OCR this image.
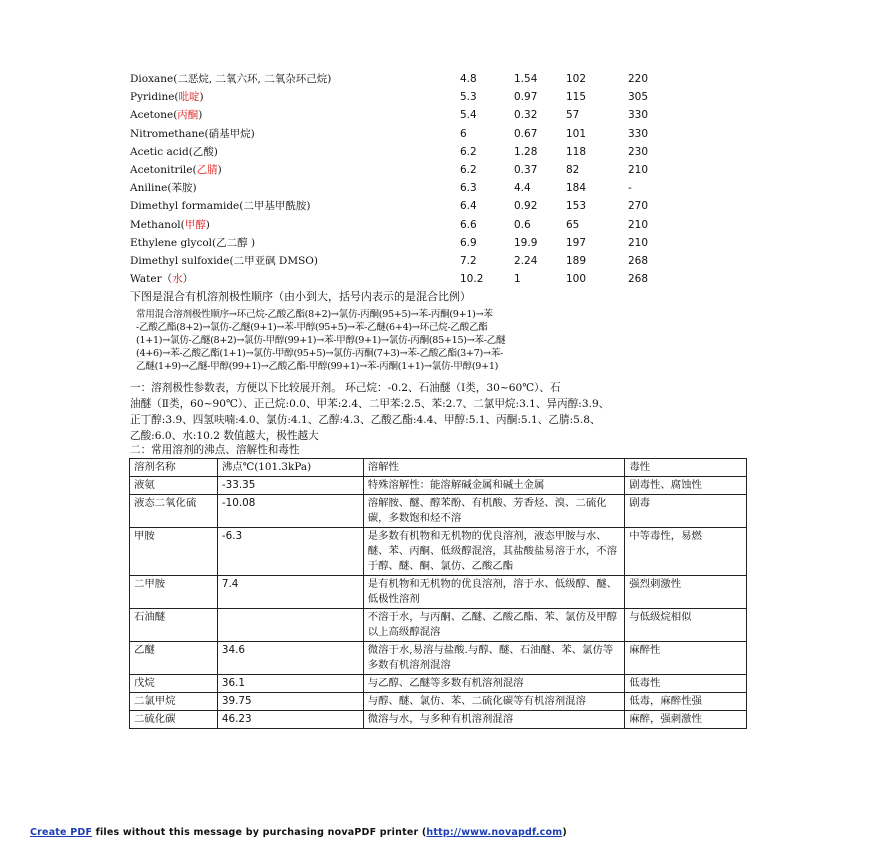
Dioxane(二恶烷, 二氧六环, 二氧杂环己烷)	4.8	1.54	102	220
Pyridine(吡啶)	5.3	0.97	115	305
Acetone(丙酮)	5.4	0.32	57	330
Nitromethane(硝基甲烷)	6	0.67	101	330
Acetic acid(乙酸)	6.2	1.28	118	230
Acetonitrile(乙腈)	6.2	0.37	82	210
Aniline(苯胺)	6.3	4.4	184	-
Dimethyl formamide(二甲基甲酰胺)	6.4	0.92	153	270
Methanol(甲醇)	6.6	0.6	65	210
Ethylene glycol(乙二醇 )	6.9	19.9	197	210
Dimethyl sulfoxide(二甲亚砜 DMSO)	7.2	2.24	189	268
Water（水）	10.2	1	100	268
下图是混合有机溶剂极性顺序（由小到大，括号内表示的是混合比例）
常用混合溶剂极性顺序→环己烷-乙酸乙酯(8+2)→氯仿-丙酮(95+5)→苯-丙酮(9+1)→苯
-乙酸乙酯(8+2)→氯仿-乙醚(9+1)→苯-甲醇(95+5)→苯-乙醚(6+4)→环己烷-乙酸乙酯
(1+1)→氯仿-乙醚(8+2)→氯仿-甲醇(99+1)→苯-甲醇(9+1)→氯仿-丙酮(85+15)→苯-乙醚
(4+6)→苯-乙酸乙酯(1+1)→氯仿-甲醇(95+5)→氯仿-丙酮(7+3)→苯-乙酸乙酯(3+7)→苯-
乙醚(1+9)→乙醚-甲醇(99+1)→乙酸乙酯-甲醇(99+1)→苯-丙酮(1+1)→氯仿-甲醇(9+1)

一：溶剂极性参数表，方便以下比较展开剂。 环己烷：-0.2、石油醚（Ⅰ类，30~60℃）、石

油醚（Ⅱ类，60~90℃）、正己烷:0.0、甲苯:2.4、二甲苯:2.5、苯:2.7、二氯甲烷:3.1、异丙醇:3.9、

正丁醇:3.9、四氢呋喃:4.0、氯仿:4.1、乙醇:4.3、乙酸乙酯:4.4、甲醇:5.1、丙酮:5.1、乙腈:5.8、

乙酸:6.0、水:10.2 数值越大，极性越大

二：常用溶剂的沸点、溶解性和毒性
溶剂名称	沸点℃(101.3kPa)	溶解性	毒性
液氨	-33.35	特殊溶解性：能溶解碱金属和碱土金属	剧毒性、腐蚀性
液态二氧化硫	-10.08	溶解胺、醚、醇苯酚、有机酸、芳香烃、溴、二硫化碳，多数饱和烃不溶	剧毒
甲胺	-6.3	是多数有机物和无机物的优良溶剂，液态甲胺与水、醚、苯、丙酮、低级醇混溶，其盐酸盐易溶于水，不溶于醇、醚、酮、氯仿、乙酸乙酯	中等毒性，易燃
二甲胺	7.4	是有机物和无机物的优良溶剂，溶于水、低级醇、醚、低极性溶剂	强烈刺激性
石油醚		不溶于水，与丙酮、乙醚、乙酸乙酯、苯、氯仿及甲醇以上高级醇混溶	与低级烷相似
乙醚	34.6	微溶于水,易溶与盐酸.与醇、醚、石油醚、苯、氯仿等多数有机溶剂混溶	麻醉性
戊烷	36.1	与乙醇、乙醚等多数有机溶剂混溶	低毒性
二氯甲烷	39.75	与醇、醚、氯仿、苯、二硫化碳等有机溶剂混溶	低毒，麻醉性强
二硫化碳	46.23	微溶与水，与多种有机溶剂混溶	麻醉，强刺激性
Create PDF files without this message by purchasing novaPDF printer (http://www.novapdf.com)
